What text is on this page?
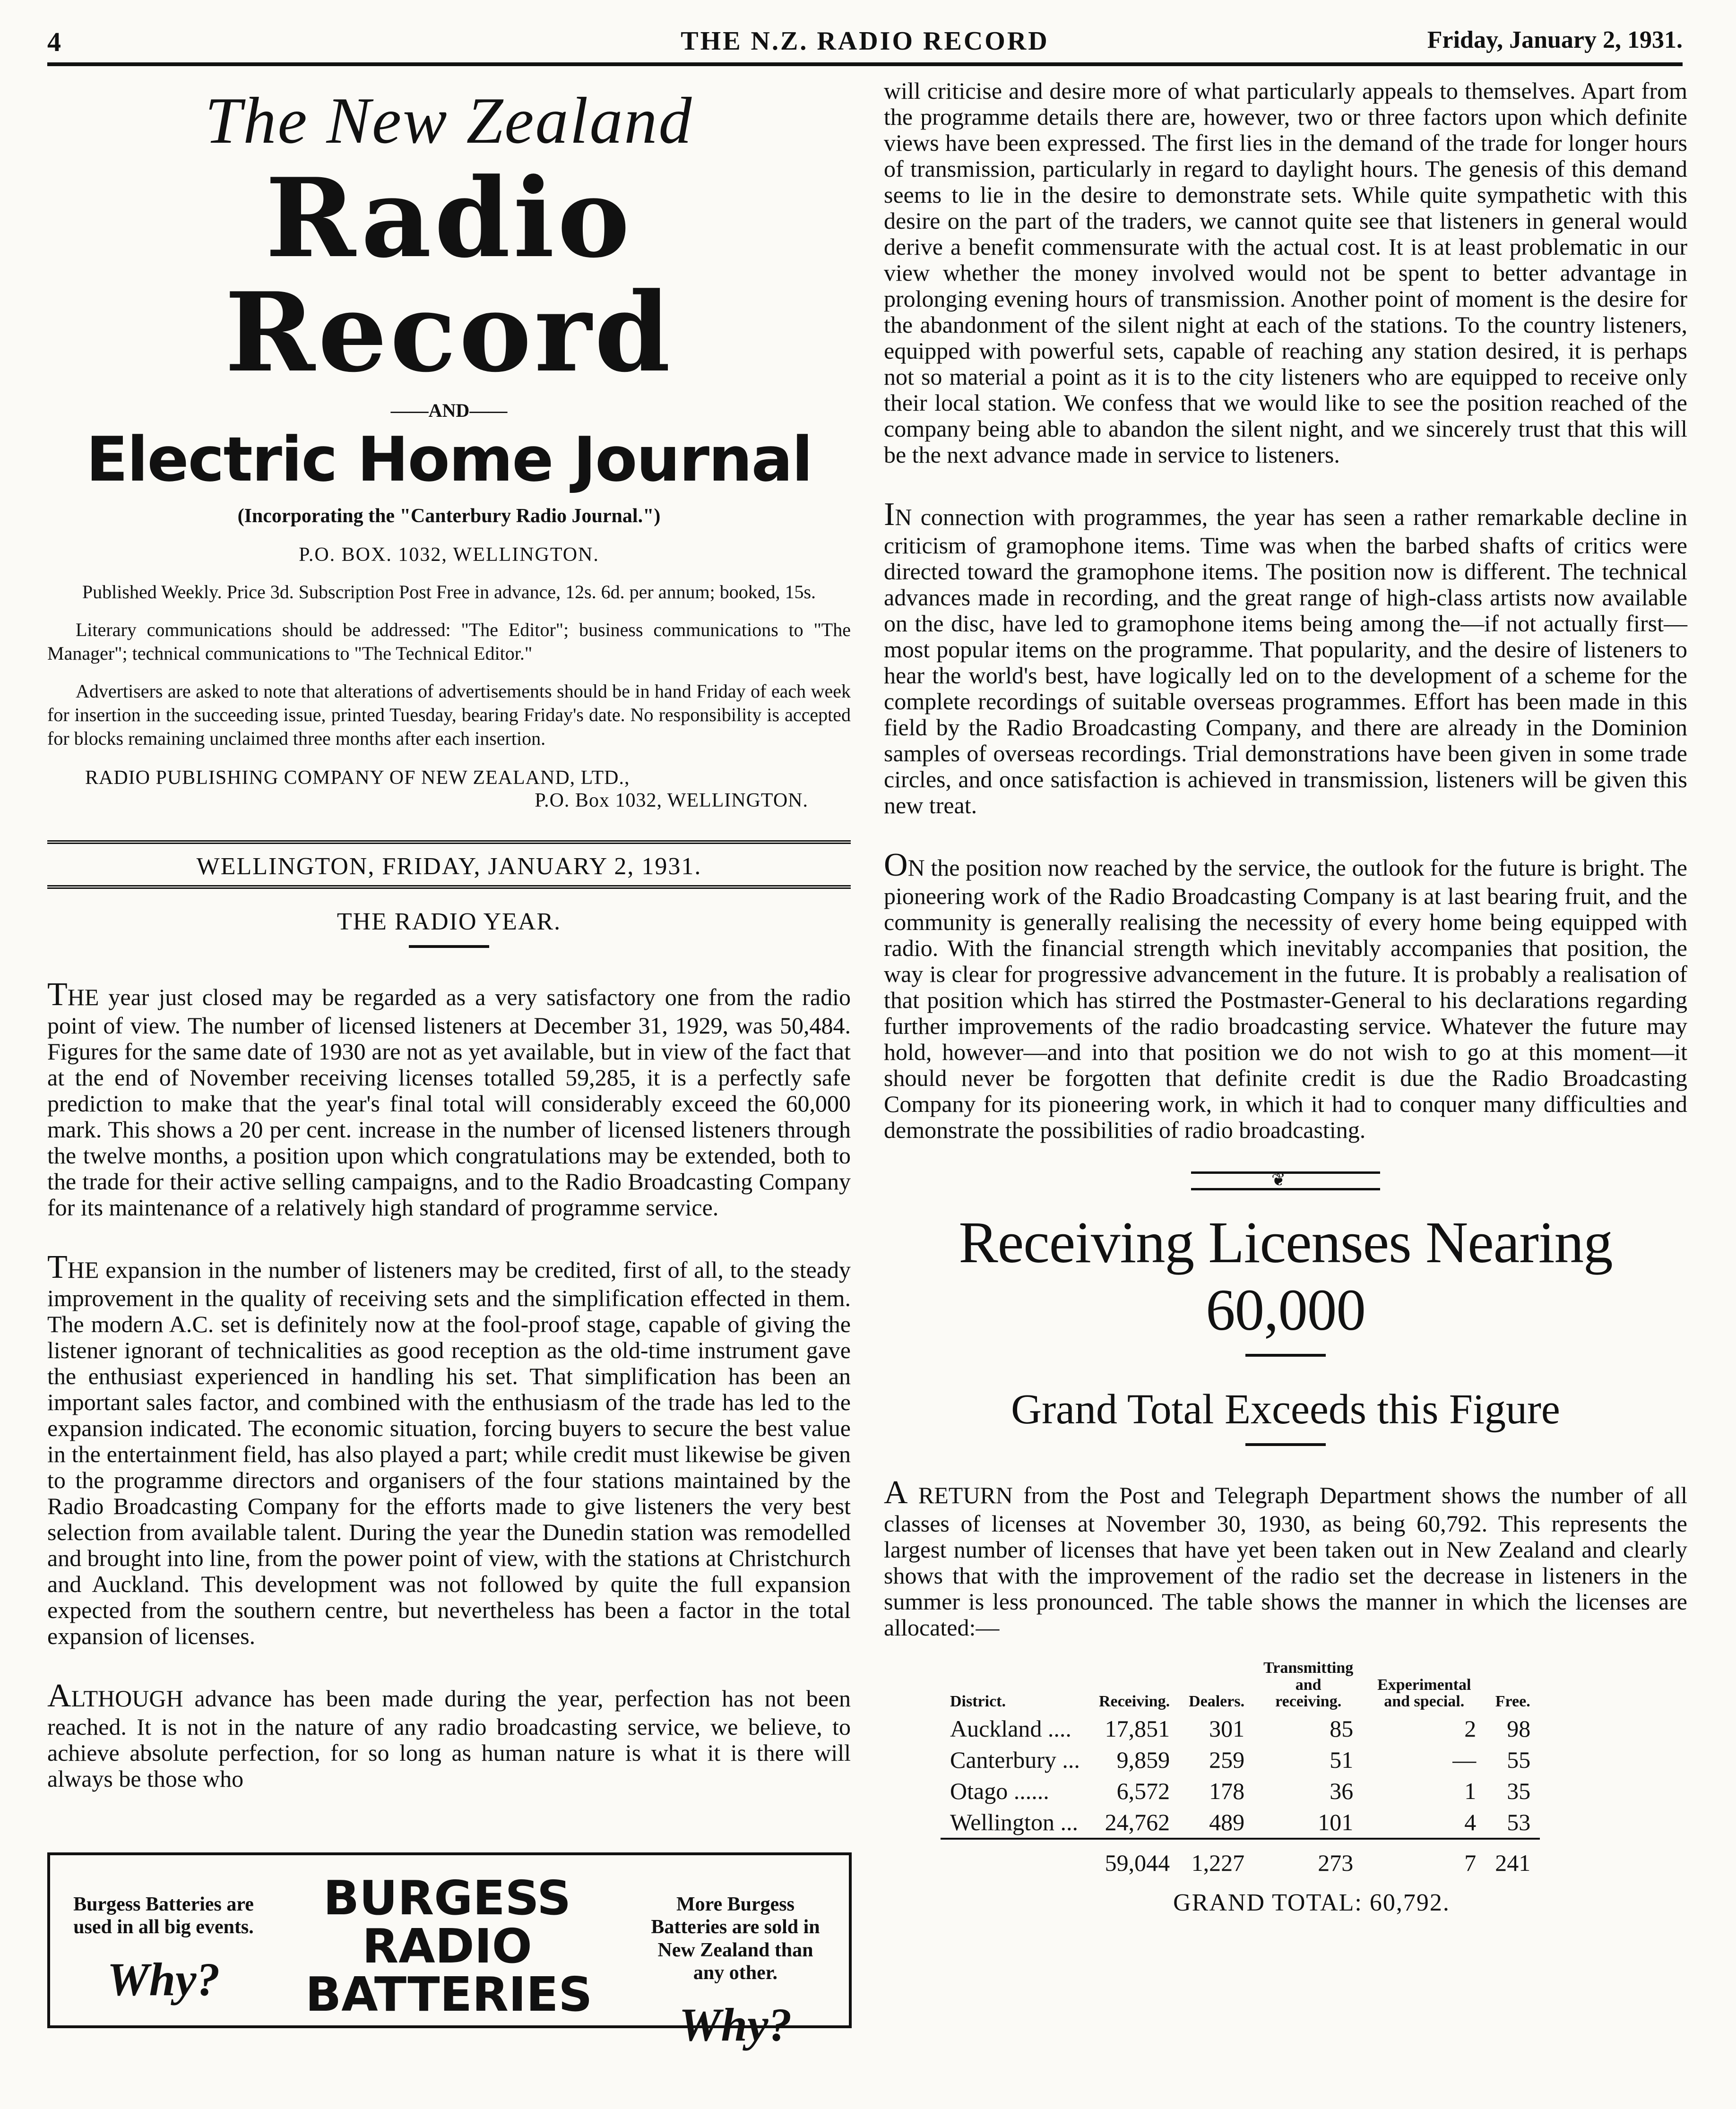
4	THE N.Z. RADIO RECORD	Friday, January 2, 1931.
The New Zealand
Radio Record
——AND——
Electric Home Journal
(Incorporating the "Canterbury Radio Journal.")
P.O. BOX. 1032, WELLINGTON.
Published Weekly. Price 3d. Subscription Post Free in advance, 12s. 6d. per annum; booked, 15s.

Literary communications should be addressed: "The Editor"; business communications to "The Manager"; technical communications to "The Technical Editor."

Advertisers are asked to note that alterations of advertisements should be in hand Friday of each week for insertion in the succeeding issue, printed Tuesday, bearing Friday's date. No responsibility is accepted for blocks remaining unclaimed three months after each insertion.

RADIO PUBLISHING COMPANY OF NEW ZEALAND, LTD.,
P.O. Box 1032, WELLINGTON.
WELLINGTON, FRIDAY, JANUARY 2, 1931.
THE RADIO YEAR.

THE year just closed may be regarded as a very satisfactory one from the radio point of view. The number of licensed listeners at December 31, 1929, was 50,484. Figures for the same date of 1930 are not as yet available, but in view of the fact that at the end of November receiving licenses totalled 59,285, it is a perfectly safe prediction to make that the year's final total will considerably exceed the 60,000 mark. This shows a 20 per cent. increase in the number of licensed listeners through the twelve months, a position upon which congratulations may be extended, both to the trade for their active selling campaigns, and to the Radio Broadcasting Company for its maintenance of a relatively high standard of programme service.

THE expansion in the number of listeners may be credited, first of all, to the steady improvement in the quality of receiving sets and the simplification effected in them. The modern A.C. set is definitely now at the fool-proof stage, capable of giving the listener ignorant of technicalities as good reception as the old-time instrument gave the enthusiast experienced in handling his set. That simplification has been an important sales factor, and combined with the enthusiasm of the trade has led to the expansion indicated. The economic situation, forcing buyers to secure the best value in the entertainment field, has also played a part; while credit must likewise be given to the programme directors and organisers of the four stations maintained by the Radio Broadcasting Company for the efforts made to give listeners the very best selection from available talent. During the year the Dunedin station was remodelled and brought into line, from the power point of view, with the stations at Christchurch and Auckland. This development was not followed by quite the full expansion expected from the southern centre, but nevertheless has been a factor in the total expansion of licenses.

ALTHOUGH advance has been made during the year, perfection has not been reached. It is not in the nature of any radio broadcasting service, we believe, to achieve absolute perfection, for so long as human nature is what it is there will always be those who

Burgess Batteries are used in all big events.
Why?
BURGESS
RADIO
BATTERIES
More Burgess Batteries are sold in New Zealand than any other.
Why?

will criticise and desire more of what particularly appeals to themselves. Apart from the programme details there are, however, two or three factors upon which definite views have been expressed. The first lies in the demand of the trade for longer hours of transmission, particularly in regard to daylight hours. The genesis of this demand seems to lie in the desire to demonstrate sets. While quite sympathetic with this desire on the part of the traders, we cannot quite see that listeners in general would derive a benefit commensurate with the actual cost. It is at least problematic in our view whether the money involved would not be spent to better advantage in prolonging evening hours of transmission. Another point of moment is the desire for the abandonment of the silent night at each of the stations. To the country listeners, equipped with powerful sets, capable of reaching any station desired, it is perhaps not so material a point as it is to the city listeners who are equipped to receive only their local station. We confess that we would like to see the position reached of the company being able to abandon the silent night, and we sincerely trust that this will be the next advance made in service to listeners.

IN connection with programmes, the year has seen a rather remarkable decline in criticism of gramophone items. Time was when the barbed shafts of critics were directed toward the gramophone items. The position now is different. The technical advances made in recording, and the great range of high-class artists now available on the disc, have led to gramophone items being among the—if not actually first—most popular items on the programme. That popularity, and the desire of listeners to hear the world's best, have logically led on to the development of a scheme for the complete recordings of suitable overseas programmes. Effort has been made in this field by the Radio Broadcasting Company, and there are already in the Dominion samples of overseas recordings. Trial demonstrations have been given in some trade circles, and once satisfaction is achieved in transmission, listeners will be given this new treat.

ON the position now reached by the service, the outlook for the future is bright. The pioneering work of the Radio Broadcasting Company is at last bearing fruit, and the community is generally realising the necessity of every home being equipped with radio. With the financial strength which inevitably accompanies that position, the way is clear for progressive advancement in the future. It is probably a realisation of that position which has stirred the Postmaster-General to his declarations regarding further improvements of the radio broadcasting service. Whatever the future may hold, however—and into that position we do not wish to go at this moment—it should never be forgotten that definite credit is due the Radio Broadcasting Company for its pioneering work, in which it had to conquer many difficulties and demonstrate the possibilities of radio broadcasting.

❦
Receiving Licenses Nearing 60,000
Grand Total Exceeds this Figure

A RETURN from the Post and Telegraph Department shows the number of all classes of licenses at November 30, 1930, as being 60,792. This represents the largest number of licenses that have yet been taken out in New Zealand and clearly shows that with the improvement of the radio set the decrease in listeners in the summer is less pronounced. The table shows the manner in which the licenses are allocated:—

District.	Receiving.	Dealers.	Transmitting and receiving.	Experimental and special.	Free.
Auckland ....	17,851	301	85	2	98
Canterbury ...	9,859	259	51	—	55
Otago ......	6,572	178	36	1	35
Wellington ...	24,762	489	101	4	53
	59,044	1,227	273	7	241
GRAND TOTAL: 60,792.
